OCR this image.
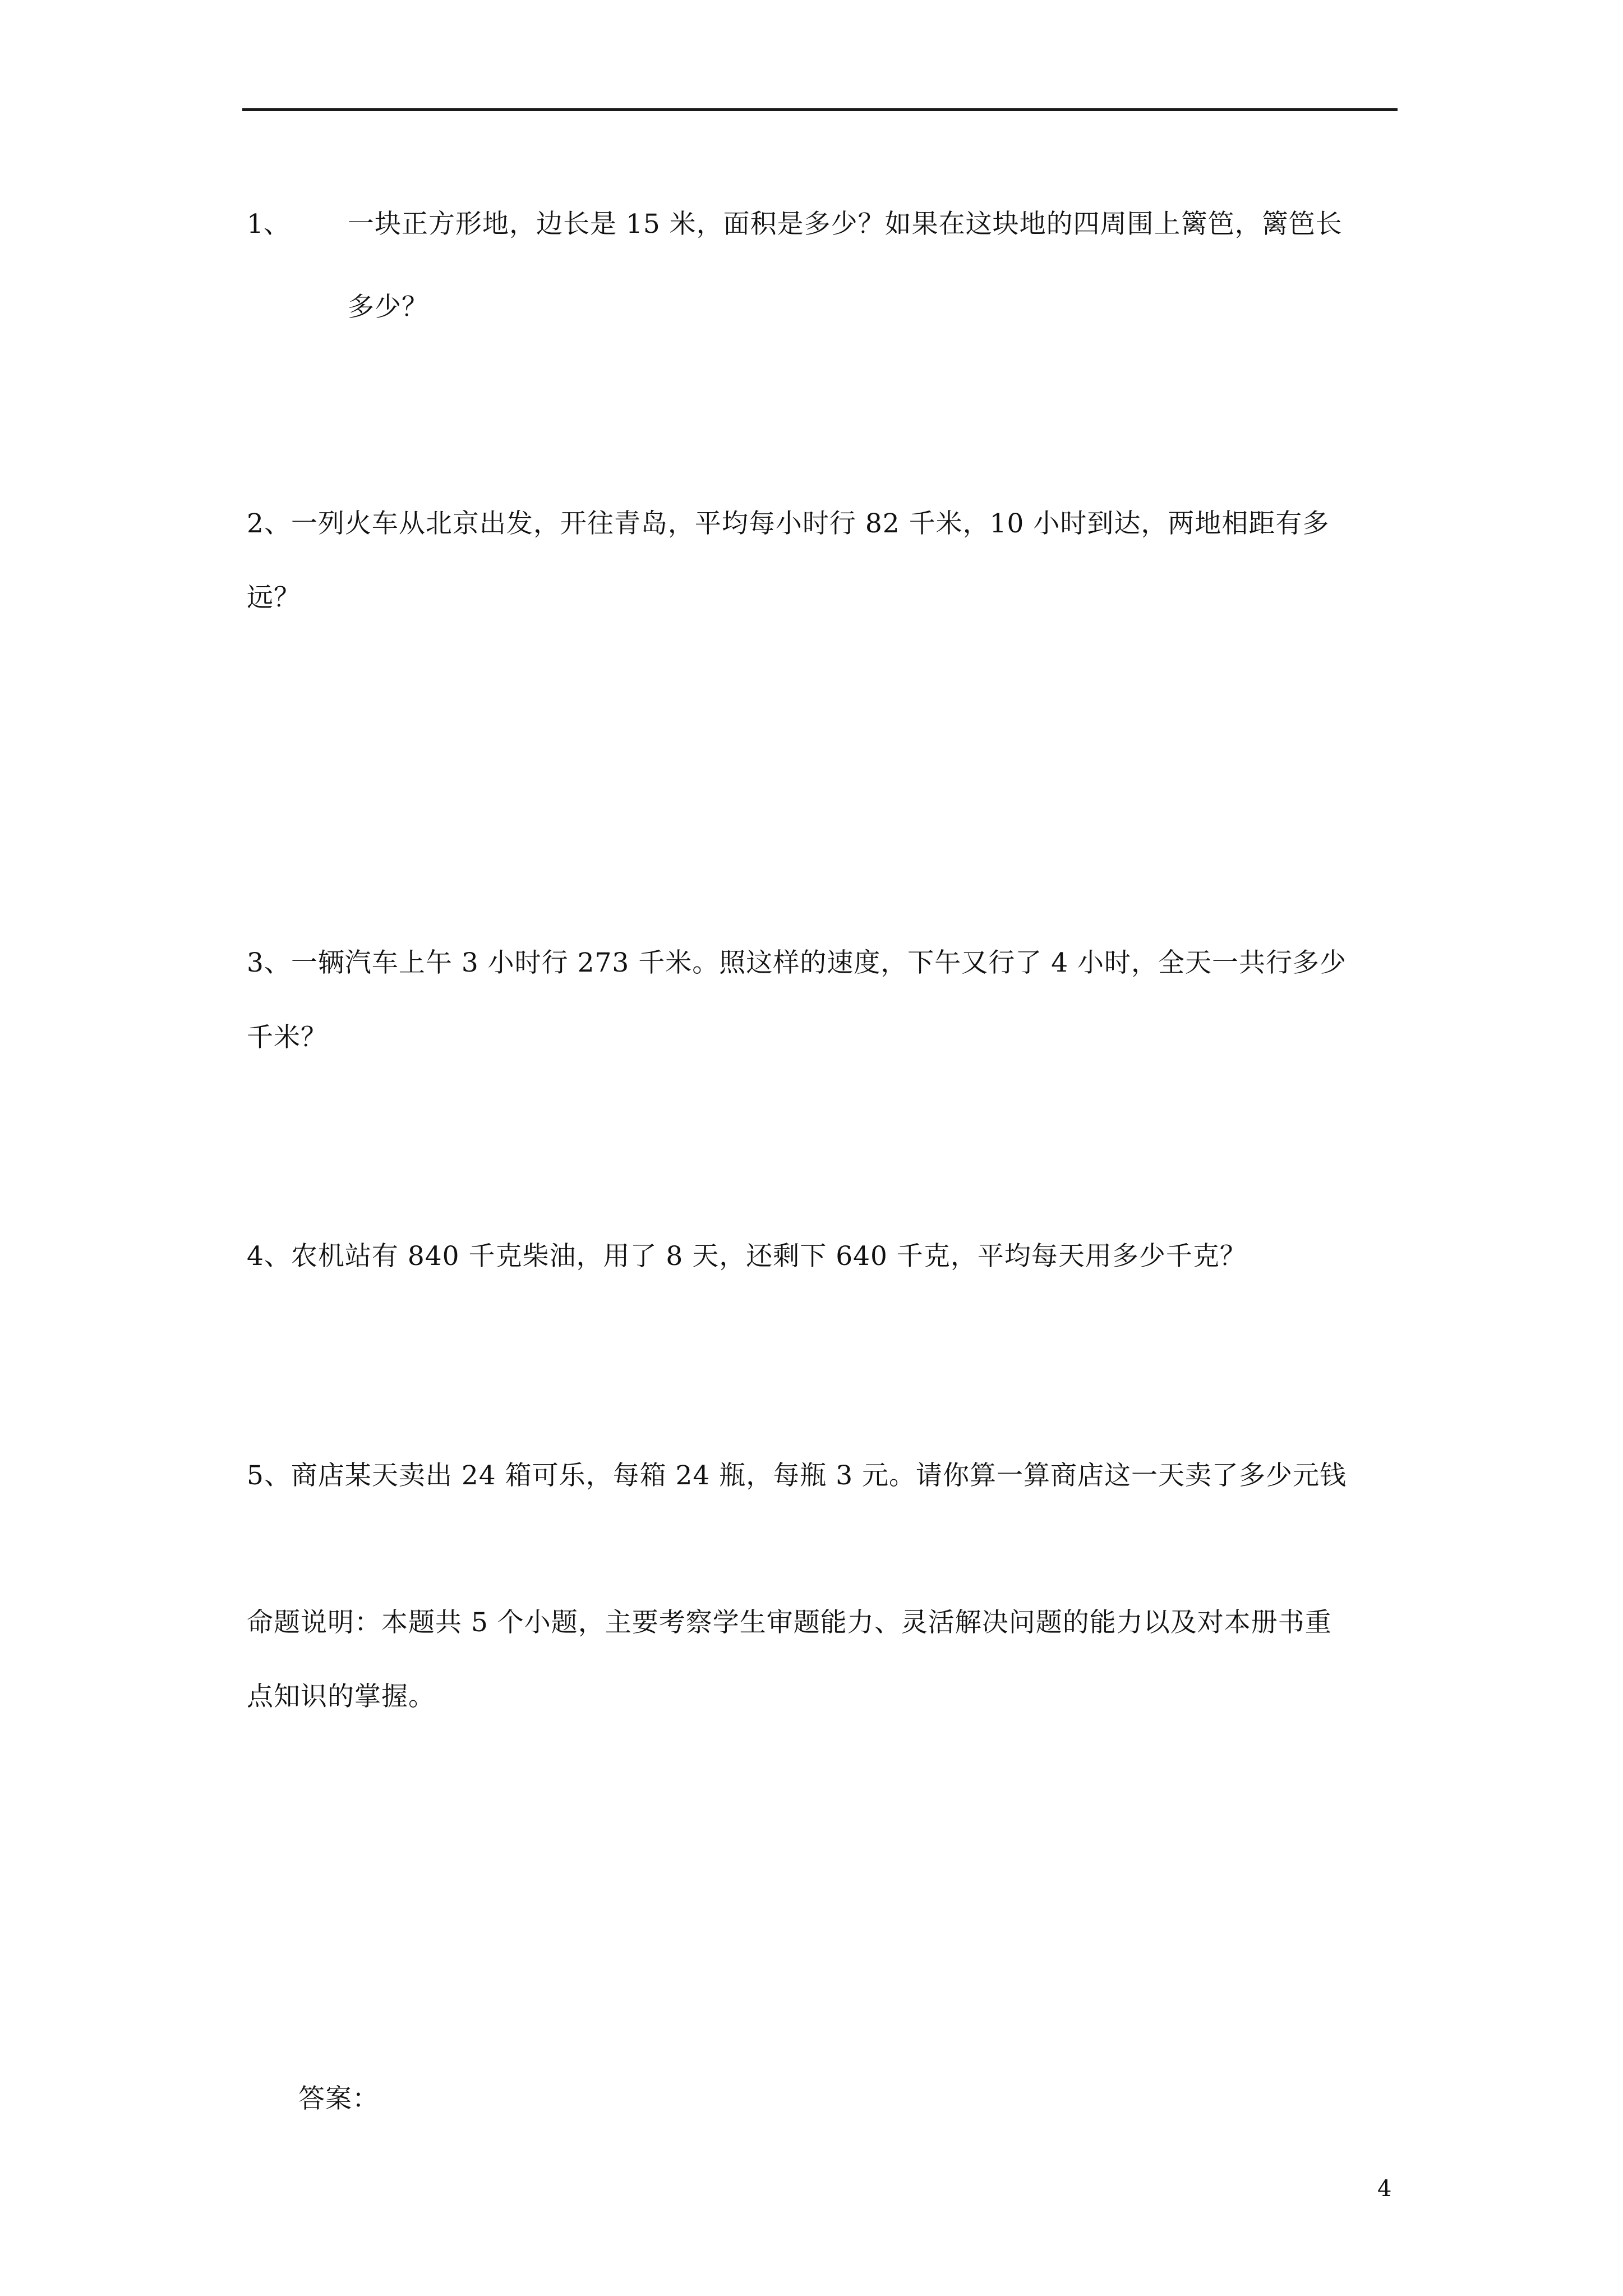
1、 一块正方形地，边长是 15 米，面积是多少？如果在这块地的四周围上篱笆，篱笆长
多少？
2、一列火车从北京出发，开往青岛，平均每小时行 82 千米，10 小时到达，两地相距有多
远？
3、一辆汽车上午 3 小时行 273 千米。照这样的速度，下午又行了 4 小时，全天一共行多少
千米？
4、农机站有 840 千克柴油，用了 8 天，还剩下 640 千克，平均每天用多少千克？
5、商店某天卖出 24 箱可乐，每箱 24 瓶，每瓶 3 元。请你算一算商店这一天卖了多少元钱
命题说明：本题共 5 个小题，主要考察学生审题能力、灵活解决问题的能力以及对本册书重
点知识的掌握。
答案：
4
